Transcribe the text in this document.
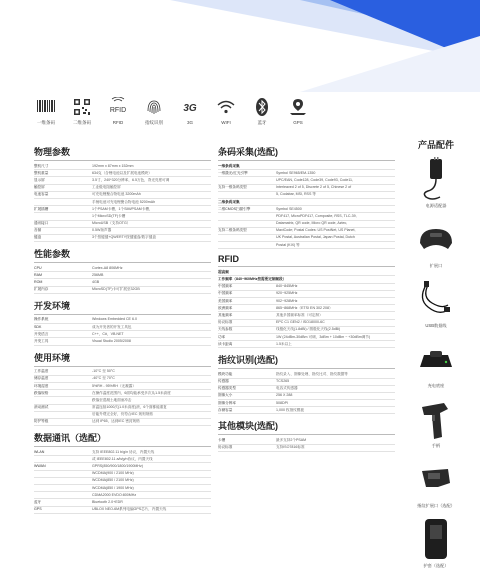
一维条码	二维条码
RFID
RFID	指纹识别
3G
3G	WIFI	蓝牙	GPS
物理参数
整机尺寸	192mm x 87mm x 152mm
整机重量	634克（含锂电池以及扩展电池模块）
显示屏	3.5寸，240*320分辨率，6.5万色，背光亮度可调
触控屏	工业级电阻触控屏
电池容量	可充电锂聚合物电池 3200mAh
	手柄电池可充电锂聚合物电池 5200mAh
扩展插槽	1个PSAM卡槽，1个SIM/PSAM卡槽，
	1个MicroSD(TF)卡槽
通讯接口	MicroUSB（支持OTG）
音频	0.5W扬声器
键盘	3个按键键+QWERTY按键键盘/数字键盘
性能参数
CPU	Cortex-A8 806MHz
RAM	256MB
ROM	4GB
扩展内存	MicroSD(TF)卡可扩展至32GB
开发环境
操作系统	Windows Embedded CE 6.0
SDK	成为开发者的开发工具包
开发语言	C++，C#，VB.NET
开发工具	Visual Studio 2005/2008
使用环境
工作温度	-10°C 至 50°C
储存温度	-40°C 至 70°C
环境湿度	5%RH - 95%RH（无凝露）
跌落规格	在操作温度范围内，6面均能承受多次从1.5米高度
	跌落至混凝土地面而冲击
滚动测试	常温连续1000次(1.0米高度)滚，6个面都能重复
	后能外观完全好，仍符合IEC 规则规格
防护等级	达到 IP65，达到IEC 密封规格
数据通讯（选配）
WLAN	支持 IEEE802.11 b/g/n 协议，内置天线
	或 IEEE802.11 a/b/g/n协议，内置天线
WWAN	GPRS(850/900/1800/1900MHz)
	WCDMA(900 / 2100 MHz)
	WCDMA(850 / 2100 MHz)
	WCDMA(850 / 1900 MHz)
	CDMA2000 EVDO:800MHz
蓝牙	Bluetooth 2.0+EDR
GPS	UBLOX NEO-6M系列电编GPS芯片，内置天线
条码采集(选配)
一维条码采集	
一维激光/红光引擎	Symbol SE965/EM-1350
	UPC/EAN, Code128, Code39, Code93, Code11,
支持一维条码类型	Interleaved 2 of 5, Discrete 2 of 5, Chinese 2 of
	5, Codabar, MSI, RSS 等
二维条码采集	
二维CMOS扫描引擎	Symbol SE4500
	PDF417, MicroPDF417, Composite, RSS, TLC-39,
	Datamatrix, QR code, Micro QR code, Aztec,
支持二维条码类型	MaxiCode; Postal Codes: US PostNet, US Planet,
	UK Postal, Australian Postal, Japan Postal, Dutch
	Postal (KIX) 等
RFID
超高频	
工作频率（840~960MHz按需要定制频段）	
中国频率	840~845MHz
中国频率	920~925MHz
美国频率	902~928MHz
欧洲频率	865~868MHz（ETSI EN 302 208）
其他频率	其他多国频率标准（可定制）
协议标准	EPC C1 GEN2 / ISO18000-6C
天线参数	线极化天线(1.8dBi) / 圆极化天线(2.5dBi)
功率	1W (24dBm-30dBm 可调，3dBm + 10dBm ~ +30dBm调节)
读卡距离	1.5米以上
指纹识别(选配)
模块功能	指纹录入、图像处理、指纹比对、指纹数据等
传感器	TCS265
传感器类型	电容式传感器
图像大小	256 X 288
图像分辨率	508DPI
存储容量	1,000 枚指纹模板
其他模块(选配)
卡槽	最多支持2个PSAM
协议标准	支持ISO7816标准
产品配件
电源适配器
扩展口
USB数据线
充电底座
手柄
指纹扩展口（选配）
护套（选配）
